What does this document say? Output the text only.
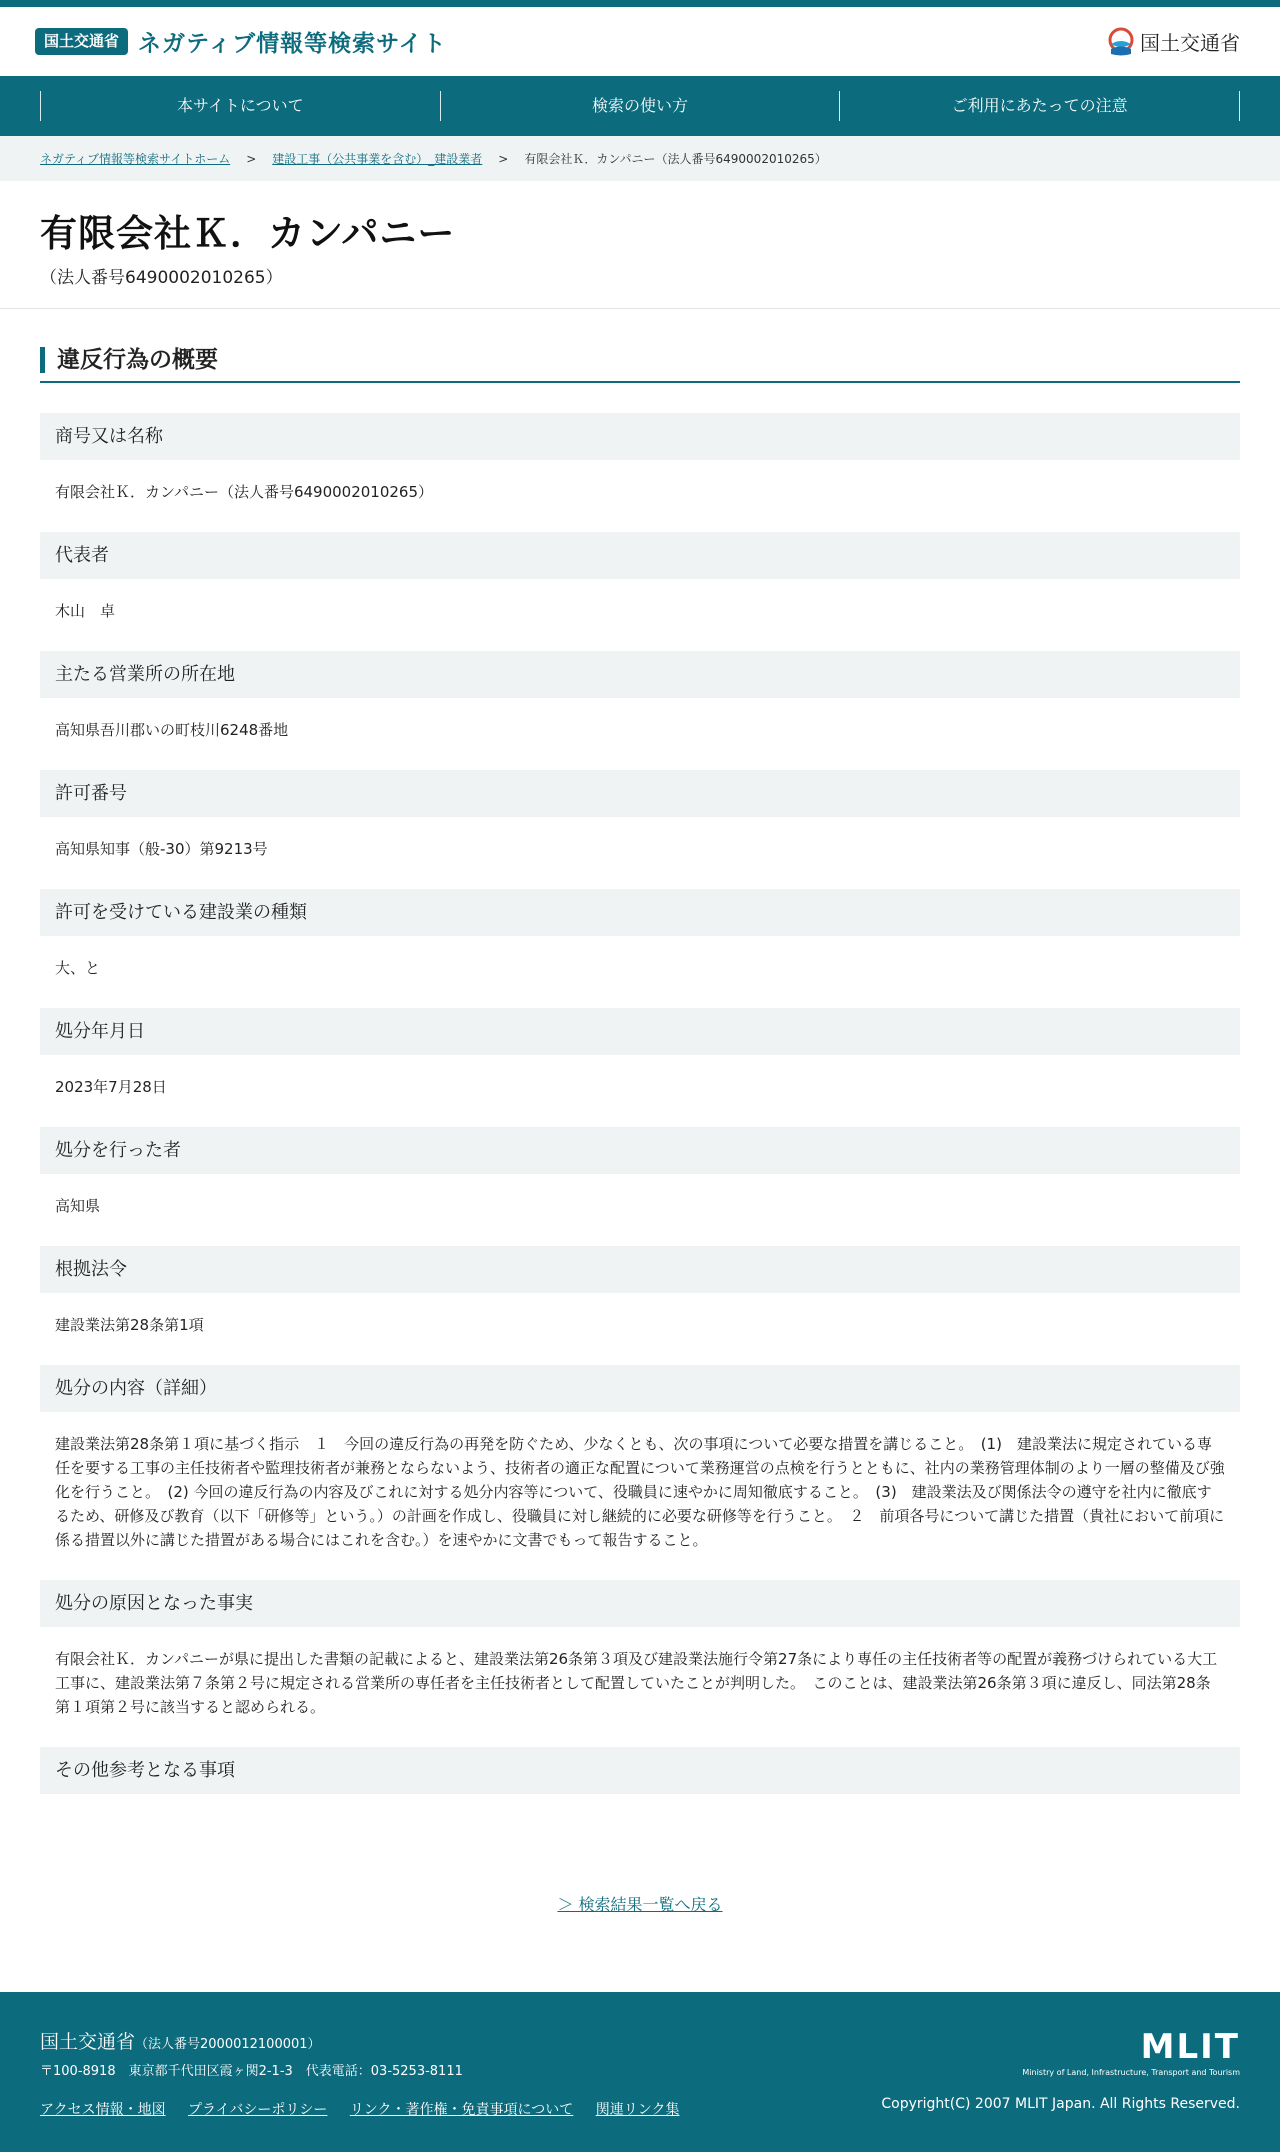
国土交通省 ネガティブ情報等検索サイト	国土交通省
本サイトについて	検索の使い方	ご利用にあたっての注意
ネガティブ情報等検索サイトホーム > 建設工事（公共事業を含む）_建設業者 > 有限会社Ｋ．カンパニー（法人番号6490002010265）
有限会社Ｋ．カンパニー
（法人番号6490002010265）
違反行為の概要
商号又は名称
有限会社Ｋ．カンパニー（法人番号6490002010265）
代表者
木山　卓
主たる営業所の所在地
高知県吾川郡いの町枝川6248番地
許可番号
高知県知事（般-30）第9213号
許可を受けている建設業の種類
大、と
処分年月日
2023年7月28日
処分を行った者
高知県
根拠法令
建設業法第28条第1項
処分の内容（詳細）
建設業法第28条第１項に基づく指示　１　今回の違反行為の再発を防ぐため、少なくとも、次の事項について必要な措置を講じること。　(1)　建設業法に規定されている専任を要する工事の主任技術者や監理技術者が兼務とならないよう、技術者の適正な配置について業務運営の点検を行うとともに、社内の業務管理体制のより一層の整備及び強化を行うこと。　(2) 今回の違反行為の内容及びこれに対する処分内容等について、役職員に速やかに周知徹底すること。　(3)　建設業法及び関係法令の遵守を社内に徹底するため、研修及び教育（以下「研修等」という。）の計画を作成し、役職員に対し継続的に必要な研修等を行うこと。　２　前項各号について講じた措置（貴社において前項に係る措置以外に講じた措置がある場合にはこれを含む。）を速やかに文書でもって報告すること。
処分の原因となった事実
有限会社Ｋ．カンパニーが県に提出した書類の記載によると、建設業法第26条第３項及び建設業法施行令第27条により専任の主任技術者等の配置が義務づけられている大工工事に、建設業法第７条第２号に規定される営業所の専任者を主任技術者として配置していたことが判明した。　このことは、建設業法第26条第３項に違反し、同法第28条第１項第２号に該当すると認められる。
その他参考となる事項
＞ 検索結果一覧へ戻る
国土交通省（法人番号2000012100001）
〒100-8918　東京都千代田区霞ヶ関2-1-3　代表電話：03-5253-8111
アクセス情報・地図 プライバシーポリシー リンク・著作権・免責事項について 関連リンク集
MLIT
Ministry of Land, Infrastructure, Transport and Tourism
Copyright(C) 2007 MLIT Japan. All Rights Reserved.
